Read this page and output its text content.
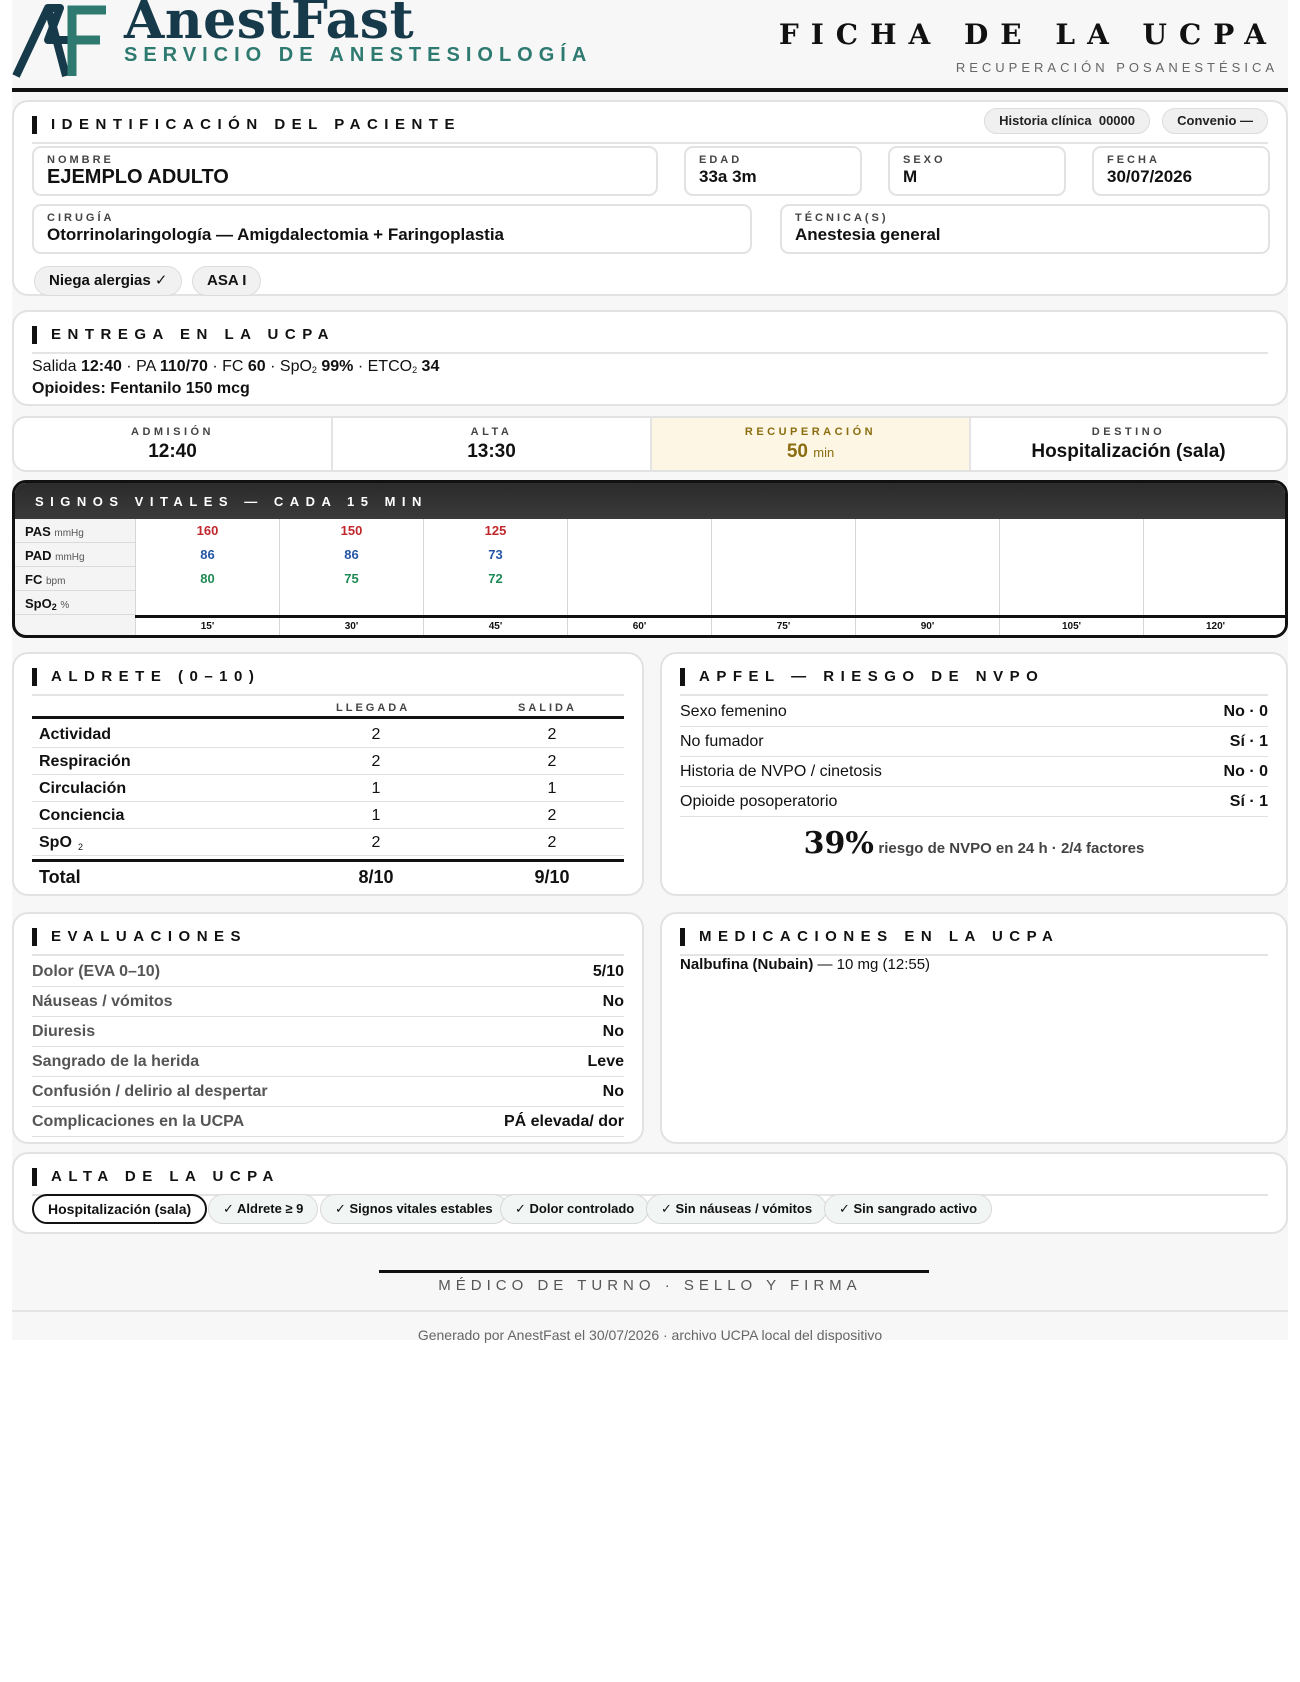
AnestFast
SERVICIO DE ANESTESIOLOGÍA
FICHA DE LA UCPA
RECUPERACIÓN POSANESTÉSICA
IDENTIFICACIÓN DEL PACIENTE	Historia clínica 00000	Convenio —
NOMBRE
EJEMPLO ADULTO
EDAD
33a 3m
SEXO
M
FECHA
30/07/2026
CIRUGÍA
Otorrinolaringología — Amigdalectomia + Faringoplastia
TÉCNICA(S)
Anestesia general
Niega alergias ✓	ASA I
ENTREGA EN LA UCPA
Salida 12:40 · PA 110/70 · FC 60 · SpO$_2$ $99\% \cdot ETCO_2$ 34
Opioides: Fentanilo 150 mcg
ADMISIÓN
12:40
ALTA
13:30
RECUPERACIÓN
50 min
DESTINO
Hospitalización (sala)
SIGNOS VITALES — CADA 15 MIN
PAS mmHg	160	150	125
PAD mmHg	86	86	73
FC bpm	80	75	72
SpO$_2$ %
15'	30'	45'	60'	75'	90'	105'	120'
ALDRETE (0–10)
LLEGADA	SALIDA
Actividad	2	2
Respiración	2	2
Circulación	1	1
Conciencia	1	2
SpO 2	2	2
Total	8/10	9/10
APFEL — RIESGO DE NVPO
Sexo femenino	No · 0
No fumador	Sí · 1
Historia de NVPO / cinetosis	No · 0
Opioide posoperatorio	Sí · 1
39% riesgo de NVPO en 24 h · 2/4 factores
EVALUACIONES
Dolor (EVA 0–10)	5/10
Náuseas / vómitos	No
Diuresis	No
Sangrado de la herida	Leve
Confusión / delirio al despertar	No
Complicaciones en la UCPA	PÁ elevada/ dor
MEDICACIONES EN LA UCPA
Nalbufina (Nubain) — 10 mg (12:55)
ALTA DE LA UCPA
Hospitalización (sala)	✓ Aldrete ≥ 9	✓ Signos vitales estables	✓ Dolor controlado	✓ Sin náuseas / vómitos	✓ Sin sangrado activo
MÉDICO DE TURNO · SELLO Y FIRMA
Generado por AnestFast el 30/07/2026 · archivo UCPA local del dispositivo
